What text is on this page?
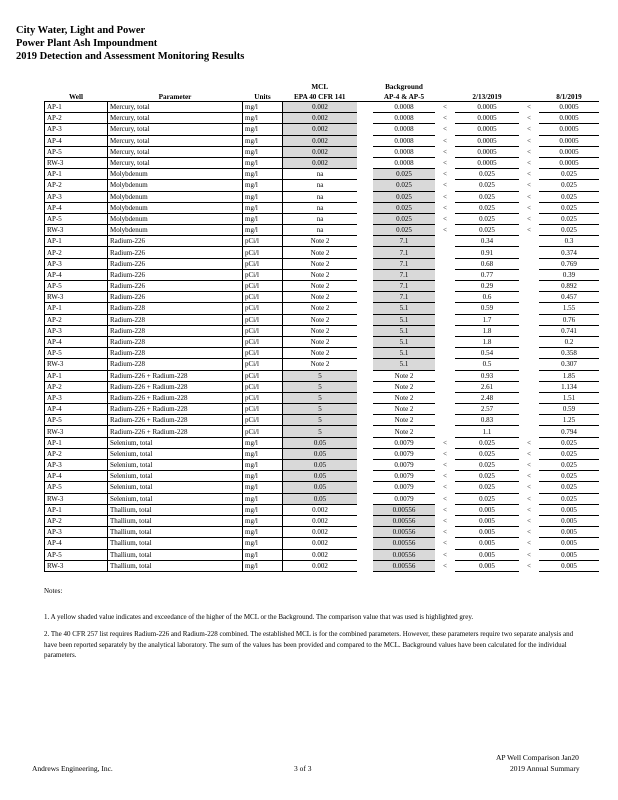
City Water, Light and Power
Power Plant Ash Impoundment
2019 Detection and Assessment Monitoring Results
			MCL		Background				
Well	Parameter	Units	EPA 40 CFR 141		AP-4 & AP-5		2/13/2019		8/1/2019
AP-1	Mercury, total	mg/l	0.002		0.0008	<	0.0005	<	0.0005
AP-2	Mercury, total	mg/l	0.002		0.0008	<	0.0005	<	0.0005
AP-3	Mercury, total	mg/l	0.002		0.0008	<	0.0005	<	0.0005
AP-4	Mercury, total	mg/l	0.002		0.0008	<	0.0005	<	0.0005
AP-5	Mercury, total	mg/l	0.002		0.0008	<	0.0005	<	0.0005
RW-3	Mercury, total	mg/l	0.002		0.0008	<	0.0005	<	0.0005
AP-1	Molybdenum	mg/l	na		0.025	<	0.025	<	0.025
AP-2	Molybdenum	mg/l	na		0.025	<	0.025	<	0.025
AP-3	Molybdenum	mg/l	na		0.025	<	0.025	<	0.025
AP-4	Molybdenum	mg/l	na		0.025	<	0.025	<	0.025
AP-5	Molybdenum	mg/l	na		0.025	<	0.025	<	0.025
RW-3	Molybdenum	mg/l	na		0.025	<	0.025	<	0.025
AP-1	Radium-226	pCi/l	Note 2		7.1		0.34		0.3
AP-2	Radium-226	pCi/l	Note 2		7.1		0.91		0.374
AP-3	Radium-226	pCi/l	Note 2		7.1		0.68		0.769
AP-4	Radium-226	pCi/l	Note 2		7.1		0.77		0.39
AP-5	Radium-226	pCi/l	Note 2		7.1		0.29		0.892
RW-3	Radium-226	pCi/l	Note 2		7.1		0.6		0.457
AP-1	Radium-228	pCi/l	Note 2		5.1		0.59		1.55
AP-2	Radium-228	pCi/l	Note 2		5.1		1.7		0.76
AP-3	Radium-228	pCi/l	Note 2		5.1		1.8		0.741
AP-4	Radium-228	pCi/l	Note 2		5.1		1.8		0.2
AP-5	Radium-228	pCi/l	Note 2		5.1		0.54		0.358
RW-3	Radium-228	pCi/l	Note 2		5.1		0.5		0.307
AP-1	Radium-226 + Radium-228	pCi/l	5		Note 2		0.93		1.85
AP-2	Radium-226 + Radium-228	pCi/l	5		Note 2		2.61		1.134
AP-3	Radium-226 + Radium-228	pCi/l	5		Note 2		2.48		1.51
AP-4	Radium-226 + Radium-228	pCi/l	5		Note 2		2.57		0.59
AP-5	Radium-226 + Radium-228	pCi/l	5		Note 2		0.83		1.25
RW-3	Radium-226 + Radium-228	pCi/l	5		Note 2		1.1		0.794
AP-1	Selenium, total	mg/l	0.05		0.0079	<	0.025	<	0.025
AP-2	Selenium, total	mg/l	0.05		0.0079	<	0.025	<	0.025
AP-3	Selenium, total	mg/l	0.05		0.0079	<	0.025	<	0.025
AP-4	Selenium, total	mg/l	0.05		0.0079	<	0.025	<	0.025
AP-5	Selenium, total	mg/l	0.05		0.0079	<	0.025	<	0.025
RW-3	Selenium, total	mg/l	0.05		0.0079	<	0.025	<	0.025
AP-1	Thallium, total	mg/l	0.002		0.00556	<	0.005	<	0.005
AP-2	Thallium, total	mg/l	0.002		0.00556	<	0.005	<	0.005
AP-3	Thallium, total	mg/l	0.002		0.00556	<	0.005	<	0.005
AP-4	Thallium, total	mg/l	0.002		0.00556	<	0.005	<	0.005
AP-5	Thallium, total	mg/l	0.002		0.00556	<	0.005	<	0.005
RW-3	Thallium, total	mg/l	0.002		0.00556	<	0.005	<	0.005
Notes:
1. A yellow shaded value indicates and exceedance of the higher of the MCL or the Background. The comparison value that was used is highlighted grey.
2. The 40 CFR 257 list requires Radium-226 and Radium-228 combined. The established MCL is for the combined parameters. However, these parameters require two separate analysis and have been reported separately by the analytical laboratory. The sum of the values has been provided and compared to the MCL. Background values have been calculated for the individual parameters.
Andrews Engineering, Inc.	3 of 3
AP Well Comparison Jan20
2019 Annual Summary
